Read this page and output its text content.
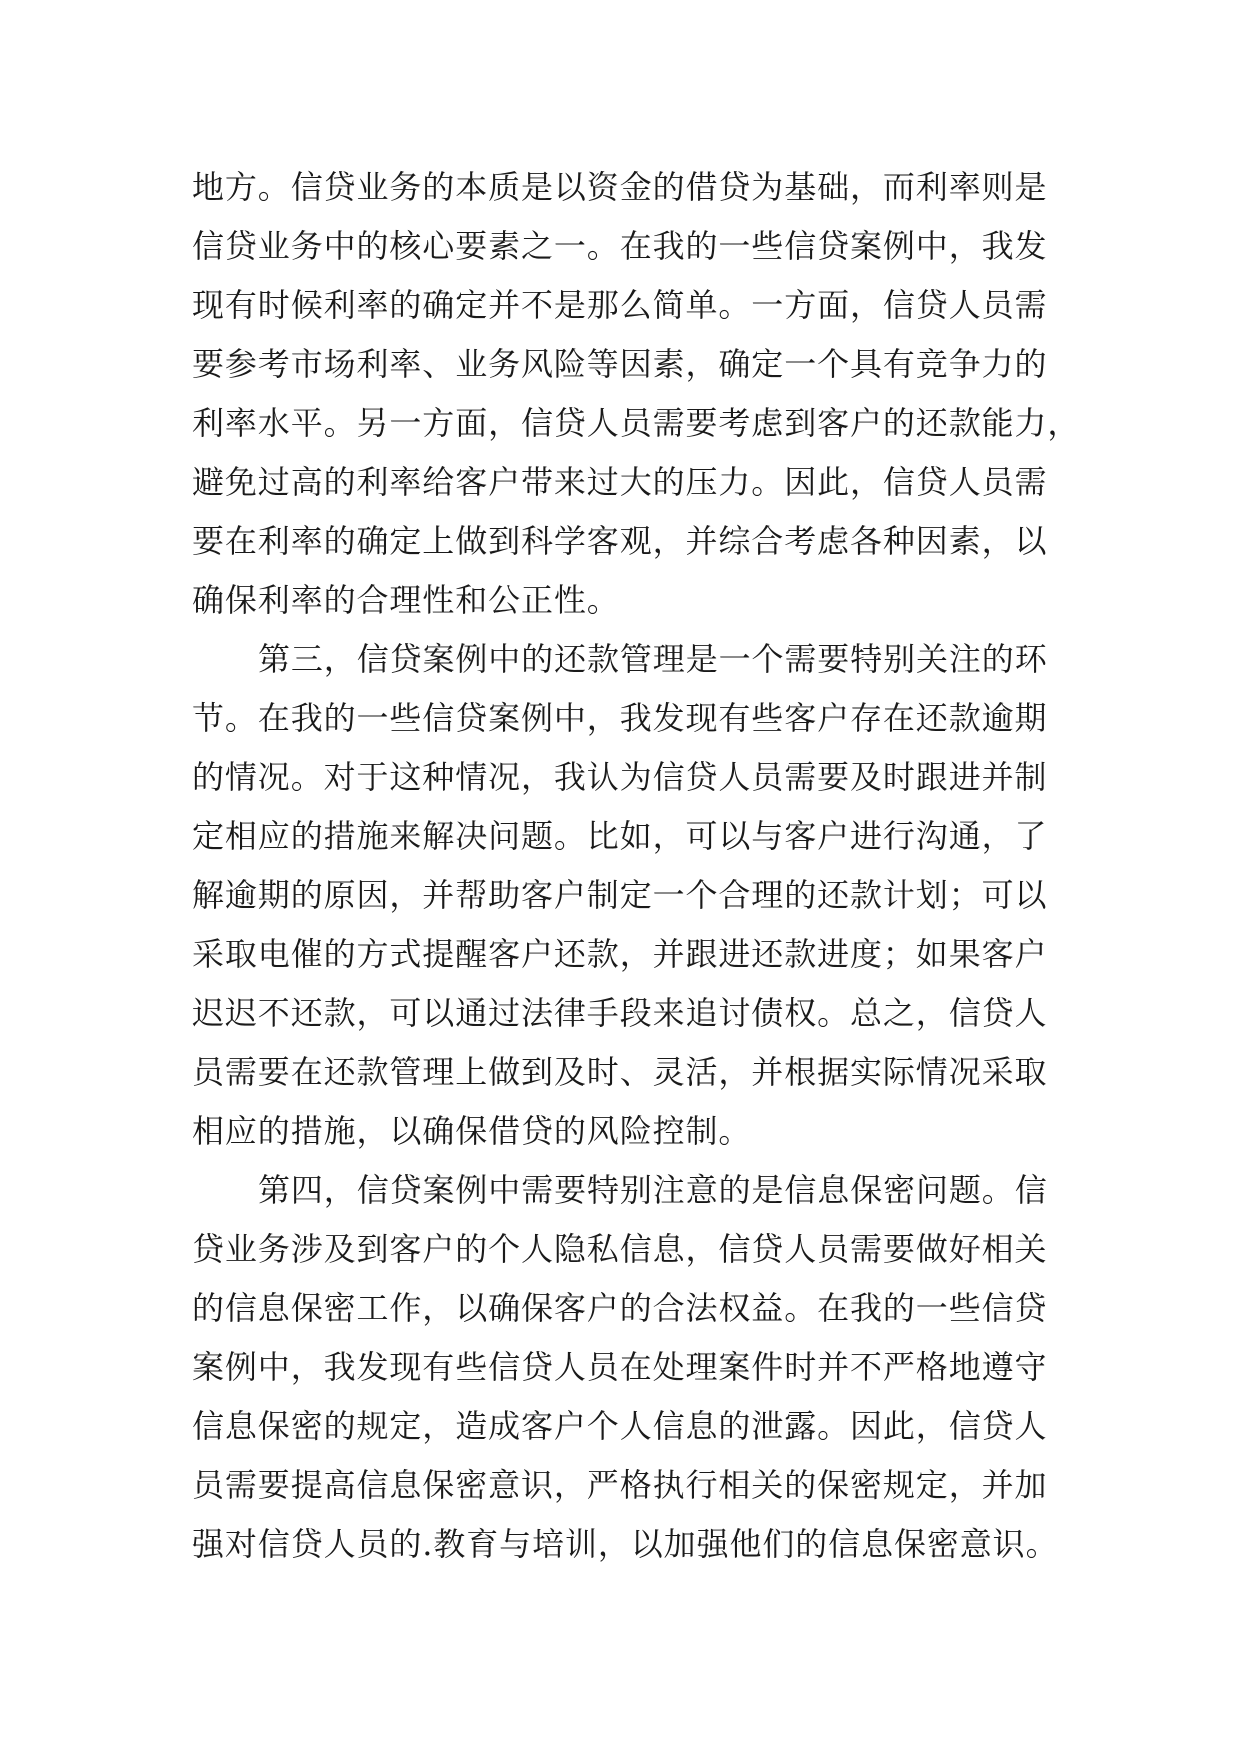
地方。信贷业务的本质是以资金的借贷为基础，而利率则是
信贷业务中的核心要素之一。在我的一些信贷案例中，我发
现有时候利率的确定并不是那么简单。一方面，信贷人员需
要参考市场利率、业务风险等因素，确定一个具有竞争力的
利率水平。另一方面，信贷人员需要考虑到客户的还款能力，
避免过高的利率给客户带来过大的压力。因此，信贷人员需
要在利率的确定上做到科学客观，并综合考虑各种因素，以
确保利率的合理性和公正性。
第三，信贷案例中的还款管理是一个需要特别关注的环
节。在我的一些信贷案例中，我发现有些客户存在还款逾期
的情况。对于这种情况，我认为信贷人员需要及时跟进并制
定相应的措施来解决问题。比如，可以与客户进行沟通，了
解逾期的原因，并帮助客户制定一个合理的还款计划；可以
采取电催的方式提醒客户还款，并跟进还款进度；如果客户
迟迟不还款，可以通过法律手段来追讨债权。总之，信贷人
员需要在还款管理上做到及时、灵活，并根据实际情况采取
相应的措施，以确保借贷的风险控制。
第四，信贷案例中需要特别注意的是信息保密问题。信
贷业务涉及到客户的个人隐私信息，信贷人员需要做好相关
的信息保密工作，以确保客户的合法权益。在我的一些信贷
案例中，我发现有些信贷人员在处理案件时并不严格地遵守
信息保密的规定，造成客户个人信息的泄露。因此，信贷人
员需要提高信息保密意识，严格执行相关的保密规定，并加
强对信贷人员的.教育与培训，以加强他们的信息保密意识。
